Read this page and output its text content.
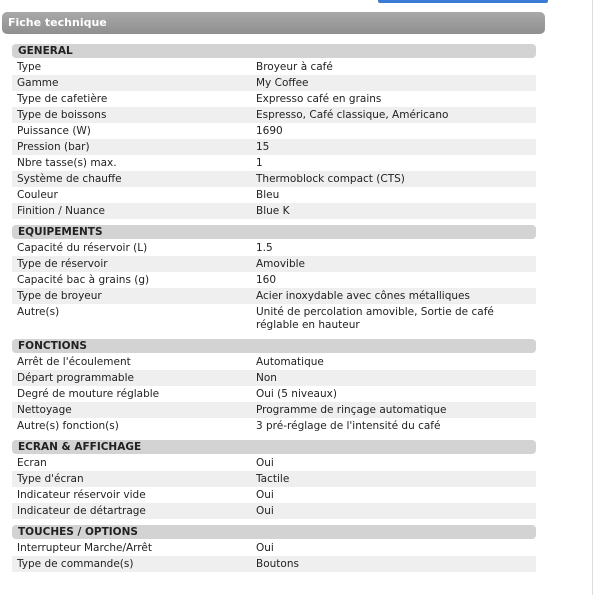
Fiche technique
GENERAL
Type	Broyeur à café
Gamme	My Coffee
Type de cafetière	Expresso café en grains
Type de boissons	Espresso, Café classique, Américano
Puissance (W)	1690
Pression (bar)	15
Nbre tasse(s) max.	1
Système de chauffe	Thermoblock compact (CTS)
Couleur	Bleu
Finition / Nuance	Blue K
EQUIPEMENTS
Capacité du réservoir (L)	1.5
Type de réservoir	Amovible
Capacité bac à grains (g)	160
Type de broyeur	Acier inoxydable avec cônes métalliques
Autre(s)	Unité de percolation amovible, Sortie de café réglable en hauteur
FONCTIONS
Arrêt de l'écoulement	Automatique
Départ programmable	Non
Degré de mouture réglable	Oui (5 niveaux)
Nettoyage	Programme de rinçage automatique
Autre(s) fonction(s)	3 pré-réglage de l'intensité du café
ECRAN & AFFICHAGE
Ecran	Oui
Type d'écran	Tactile
Indicateur réservoir vide	Oui
Indicateur de détartrage	Oui
TOUCHES / OPTIONS
Interrupteur Marche/Arrêt	Oui
Type de commande(s)	Boutons
